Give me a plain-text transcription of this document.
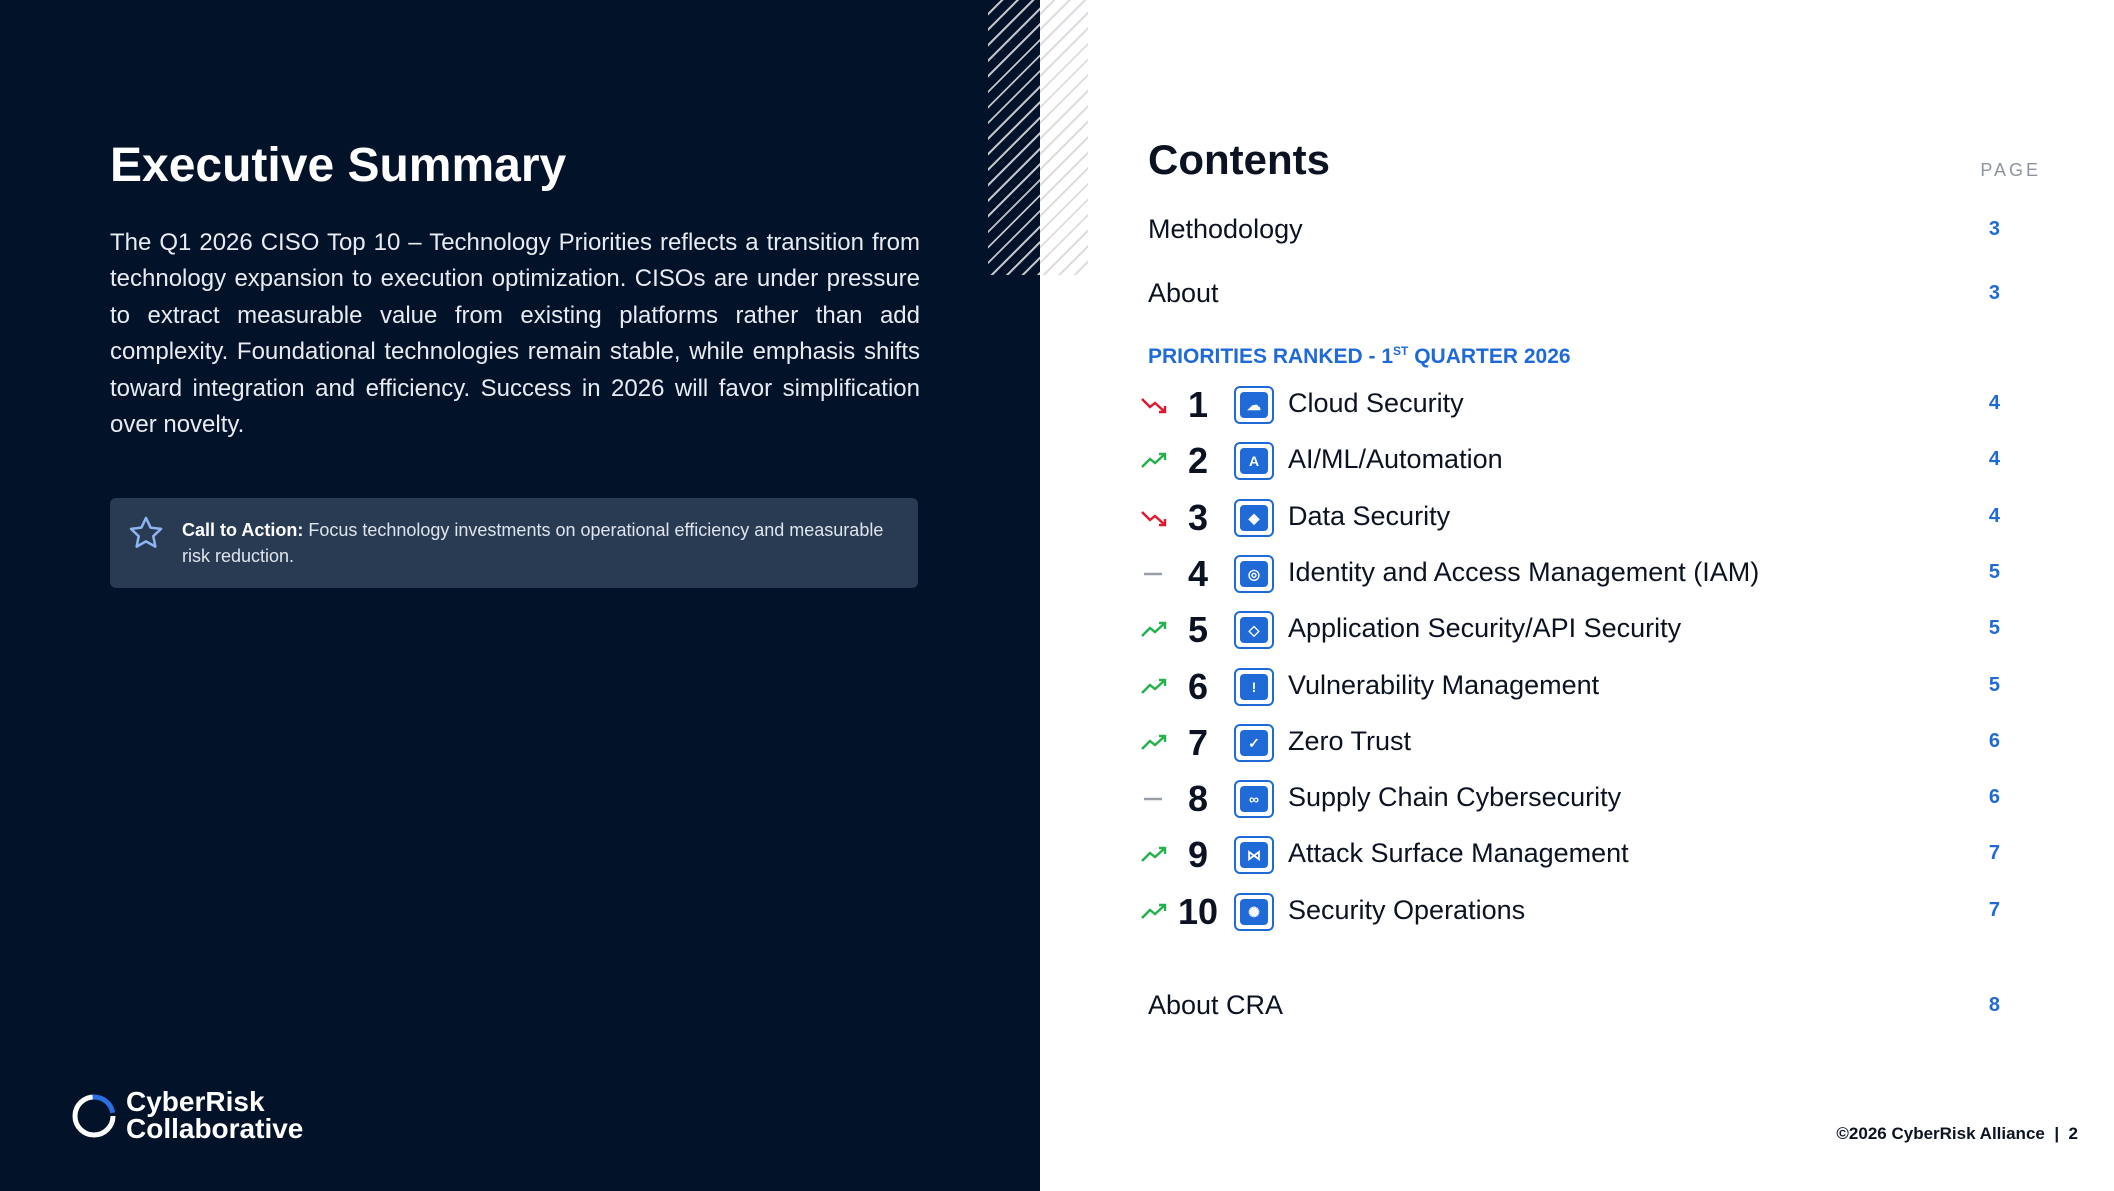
Executive Summary

The Q1 2026 CISO Top 10 – Technology Priorities reflects a transition from technology expansion to execution optimization. CISOs are under pressure to extract measurable value from existing platforms rather than add complexity. Foundational technologies remain stable, while emphasis shifts toward integration and efficiency. Success in 2026 will favor simplification over novelty.

Call to Action: Focus technology investments on operational efficiency and measurable risk reduction.

CyberRisk
Collaborative
Contents	PAGE
Methodology	3
About	3
PRIORITIES RANKED - 1ST QUARTER 2026
1	☁ Cloud Security	4
2	A	AI/ML/Automation	4
3	◆	Data Security	4
4	◎ Identity and Access Management (IAM)	5
5	◇	Application Security/API Security	5
6	!	Vulnerability Management	5
7	✓	Zero Trust	6
8	∞	Supply Chain Cybersecurity	6
9	⋈ Attack Surface Management	7
10	✺	Security Operations	7
About CRA	8
©2026 CyberRisk Alliance | 2
